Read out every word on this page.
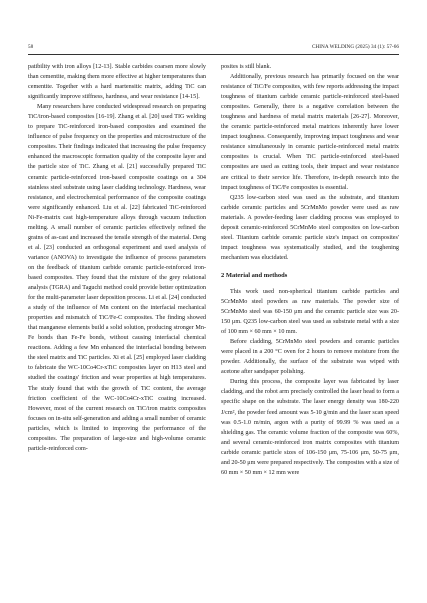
58	CHINA WELDING (2025) 34 (1): 57-66

patibility with iron alloys [12-13]. Stable carbides coarsen more slowly than cementite, making them more effective at higher temperatures than cementite. Together with a hard martensitic matrix, adding TiC can significantly improve stiffness, hardness, and wear resistance [14-15].

Many researchers have conducted widespread research on preparing TiC/iron-based composites [16-19]. Zhang et al. [20] used TIG welding to prepare TiC-reinforced iron-based composites and examined the influence of pulse frequency on the properties and microstructure of the composites. Their findings indicated that increasing the pulse frequency enhanced the macroscopic formation quality of the composite layer and the particle size of TiC. Zhang et al. [21] successfully prepared TiC ceramic particle-reinforced iron-based composite coatings on a 304 stainless steel substrate using laser cladding technology. Hardness, wear resistance, and electrochemical performance of the composite coatings were significantly enhanced. Liu et al. [22] fabricated TiC-reinforced Ni-Fe-matrix cast high-temperature alloys through vacuum induction melting. A small number of ceramic particles effectively refined the grains of as-cast and increased the tensile strength of the material. Deng et al. [23] conducted an orthogonal experiment and used analysis of variance (ANOVA) to investigate the influence of process parameters on the feedback of titanium carbide ceramic particle-reinforced iron-based composites. They found that the mixture of the grey relational analysis (TGRA) and Taguchi method could provide better optimization for the multi-parameter laser deposition process. Li et al. [24] conducted a study of the influence of Mn content on the interfacial mechanical properties and mismatch of TiC/Fe-C composites. The finding showed that manganese elements build a solid solution, producing stronger Mn-Fe bonds than Fe-Fe bonds, without causing interfacial chemical reactions. Adding a few Mn enhanced the interfacial bonding between the steel matrix and TiC particles. Xi et al. [25] employed laser cladding to fabricate the WC-10Co4Cr-xTiC composites layer on H13 steel and studied the coatings' friction and wear properties at high temperatures. The study found that with the growth of TiC content, the average friction coefficient of the WC-10Co4Cr-xTiC coating increased. However, most of the current research on TiC/iron matrix composites focuses on in-situ self-generation and adding a small number of ceramic particles, which is limited to improving the performance of the composites. The preparation of large-size and high-volume ceramic particle-reinforced com-

posites is still blank.

Additionally, previous research has primarily focused on the wear resistance of TiC/Fe composites, with few reports addressing the impact toughness of titanium carbide ceramic particle-reinforced steel-based composites. Generally, there is a negative correlation between the toughness and hardness of metal matrix materials [26-27]. Moreover, the ceramic particle-reinforced metal matrices inherently have lower impact toughness. Consequently, improving impact toughness and wear resistance simultaneously in ceramic particle-reinforced metal matrix composites is crucial. When TiC particle-reinforced steel-based composites are used as cutting tools, their impact and wear resistance are critical to their service life. Therefore, in-depth research into the impact toughness of TiC/Fe composites is essential.

Q235 low-carbon steel was used as the substrate, and titanium carbide ceramic particles and 5CrMnMo powder were used as raw materials. A powder-feeding laser cladding process was employed to deposit ceramic-reinforced 5CrMnMo steel composites on low-carbon steel. Titanium carbide ceramic particle size's impact on composites' impact toughness was systematically studied, and the toughening mechanism was elucidated.

2 Material and methods

This work used non-spherical titanium carbide particles and 5CrMnMo steel powders as raw materials. The powder size of 5CrMnMo steel was 60-150 μm and the ceramic particle size was 20-150 μm. Q235 low-carbon steel was used as substrate metal with a size of 100 mm × 60 mm × 10 mm.

Before cladding, 5CrMnMo steel powders and ceramic particles were placed in a 200 °C oven for 2 hours to remove moisture from the powder. Additionally, the surface of the substrate was wiped with acetone after sandpaper polishing.

During this process, the composite layer was fabricated by laser cladding, and the robot arm precisely controlled the laser head to form a specific shape on the substrate. The laser energy density was 180-220 J/cm², the powder feed amount was 5-10 g/min and the laser scan speed was 0.5-1.0 m/min, argon with a purity of 99.99 % was used as a shielding gas. The ceramic volume fraction of the composite was 60%, and several ceramic-reinforced iron matrix composites with titanium carbide ceramic particle sizes of 106-150 μm, 75-106 μm, 50-75 μm, and 20-50 μm were prepared respectively. The composites with a size of 60 mm × 50 mm × 12 mm were
